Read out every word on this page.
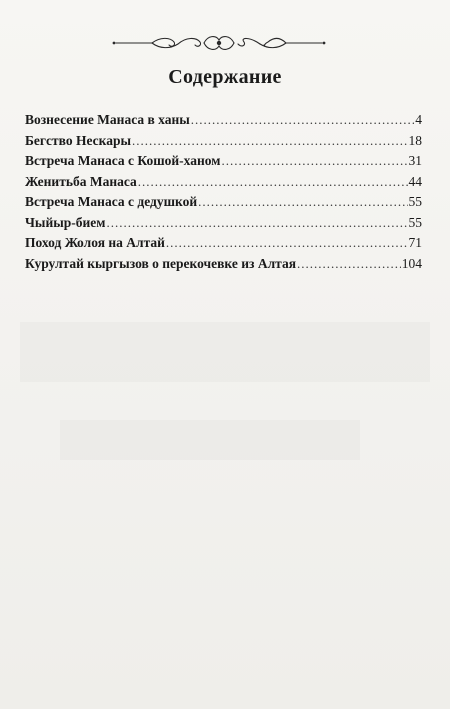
Содержание
Вознесение Манаса в ханы .....	4
Бегство Нескары .....	18
Встреча Манаса с Кошой-ханом .....	31
Женитьба Манаса .....	44
Встреча Манаса с дедушкой .....	55
Чыйыр-бием .....	55
Поход Жолоя на Алтай .....	71
Курултай кыргызов о перекочевке из Алтая .....	104
